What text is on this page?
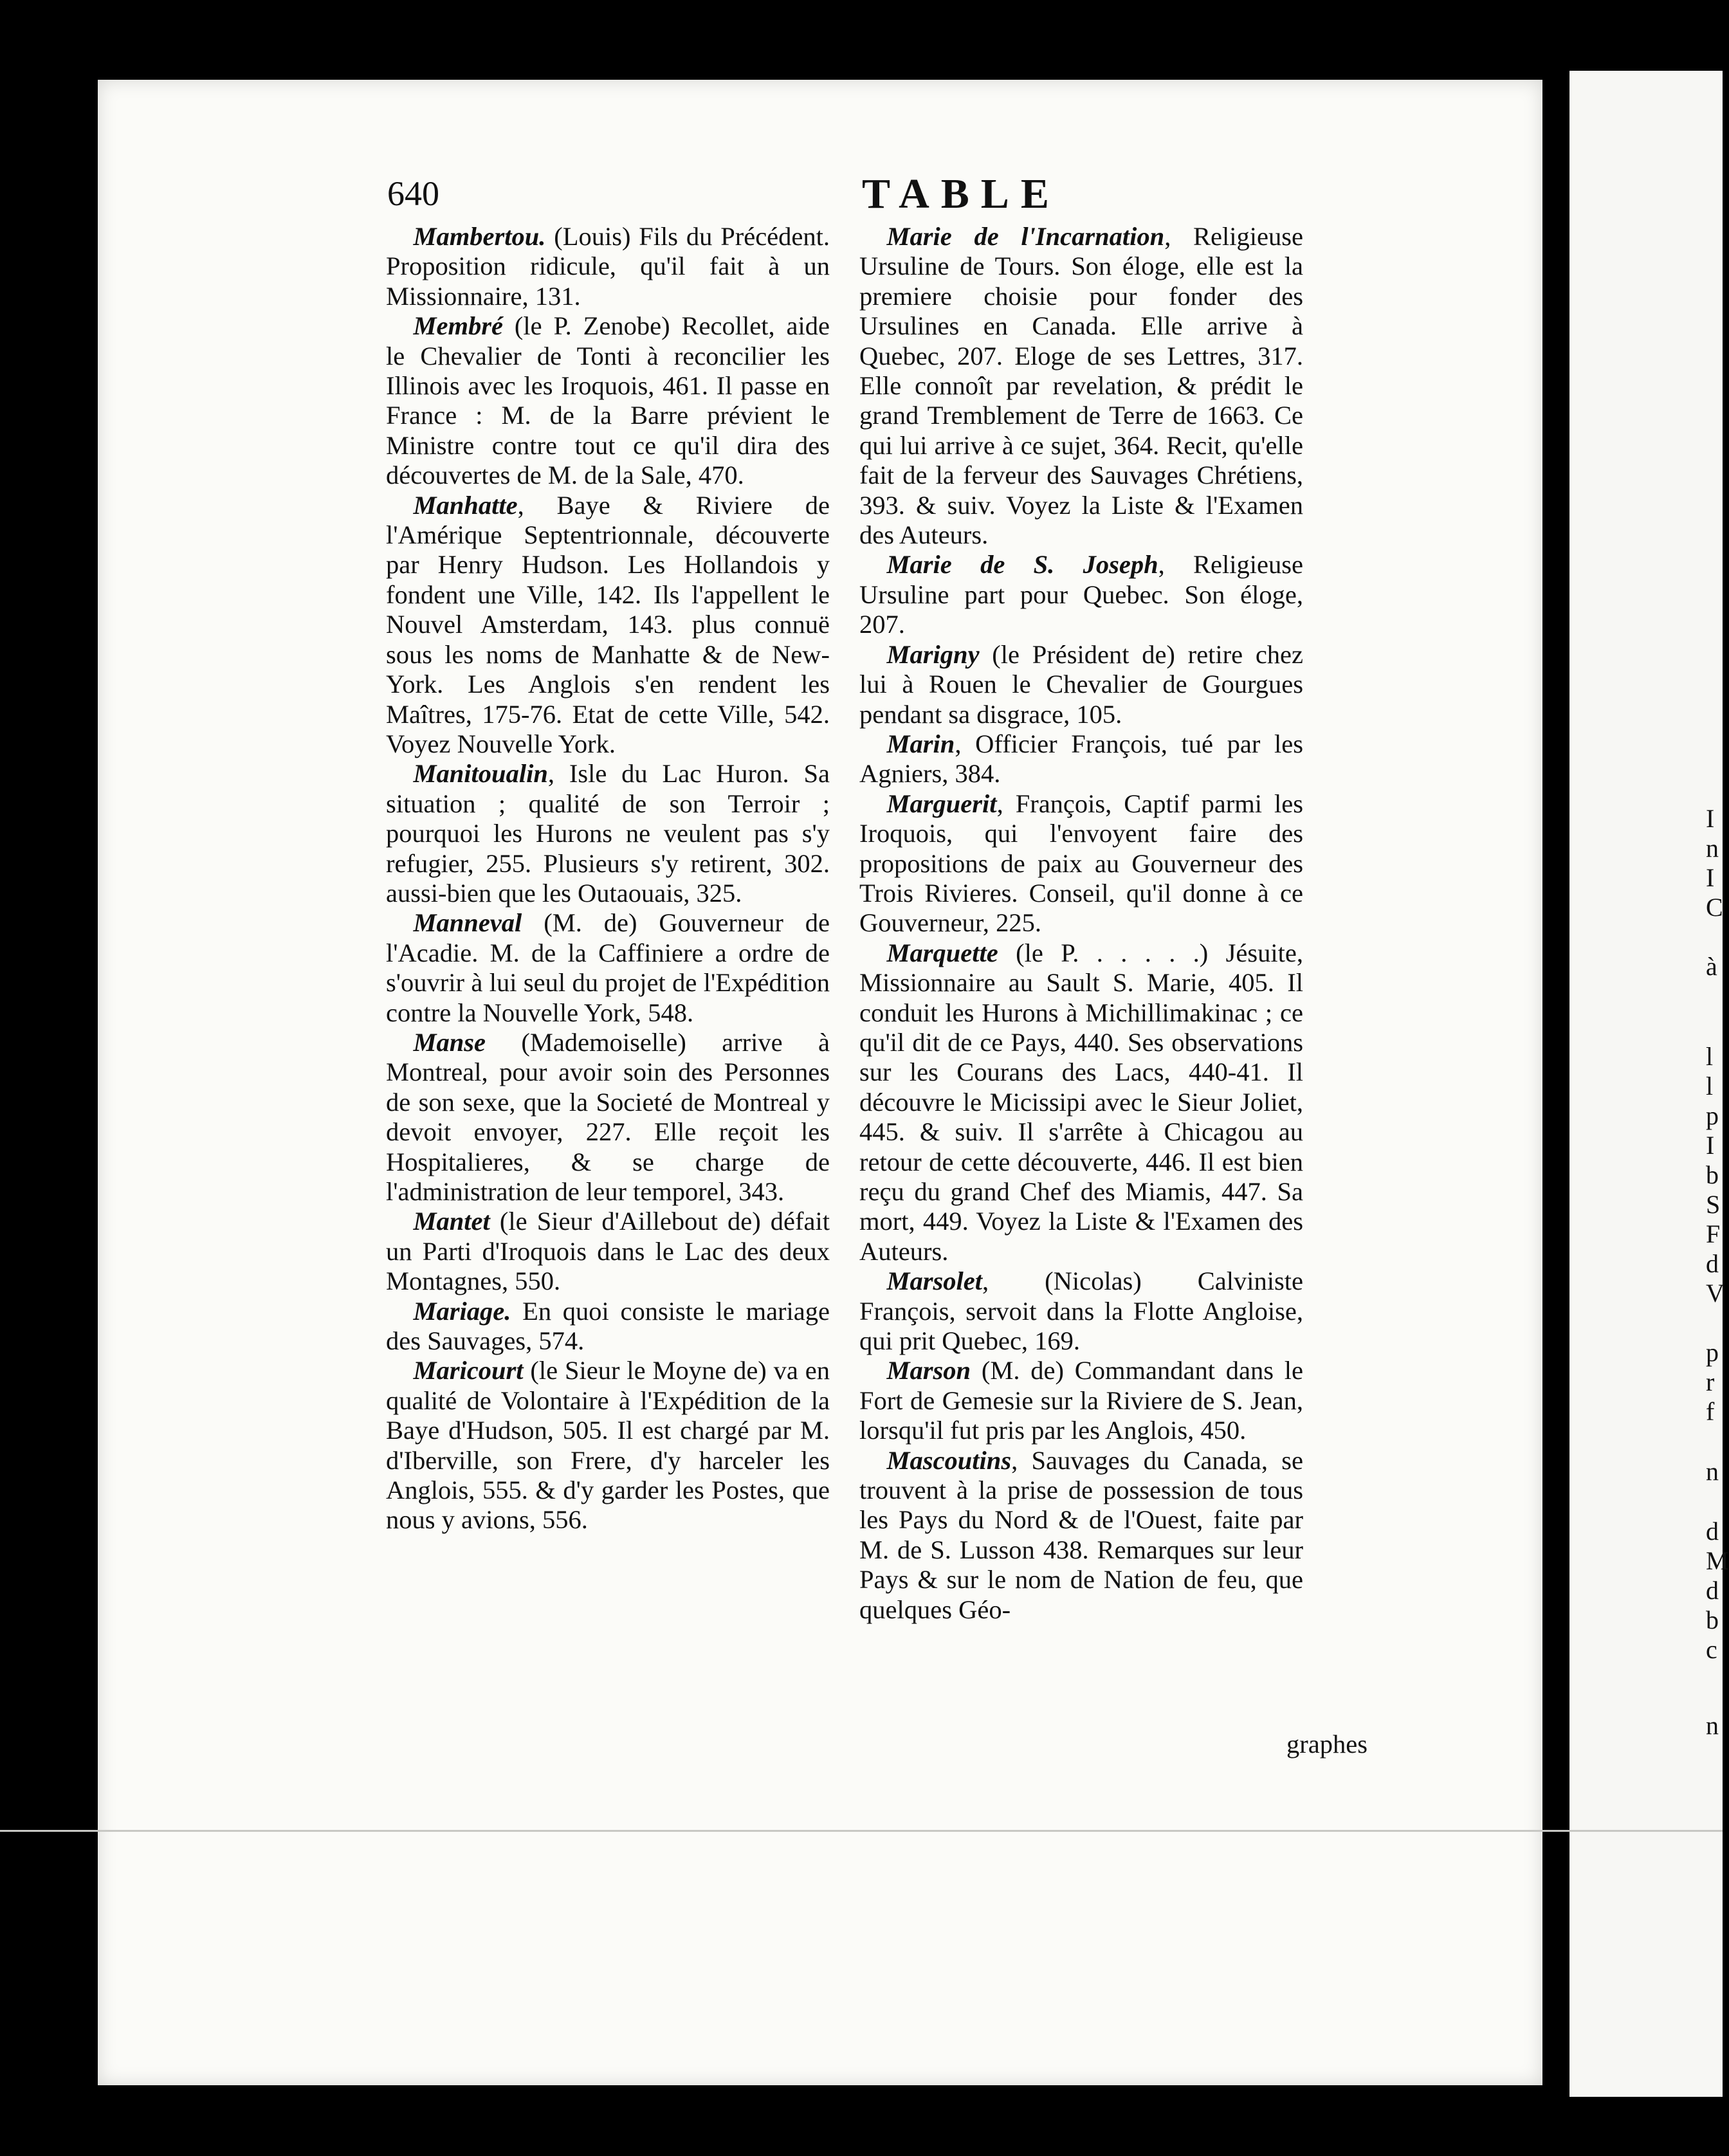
640	TABLE

Mambertou. (Louis) Fils du Précédent. Proposition ridicule, qu'il fait à un Missionnaire, 131.

Membré (le P. Zenobe) Recollet, aide le Chevalier de Tonti à reconcilier les Illinois avec les Iroquois, 461. Il passe en France : M. de la Barre prévient le Ministre contre tout ce qu'il dira des découvertes de M. de la Sale, 470.

Manhatte, Baye & Riviere de l'Amérique Septentrionnale, découverte par Henry Hudson. Les Hollandois y fondent une Ville, 142. Ils l'appellent le Nouvel Amsterdam, 143. plus connuë sous les noms de Manhatte & de New-York. Les Anglois s'en rendent les Maîtres, 175-76. Etat de cette Ville, 542. Voyez Nouvelle York.

Manitoualin, Isle du Lac Huron. Sa situation ; qualité de son Terroir ; pourquoi les Hurons ne veulent pas s'y refugier, 255. Plusieurs s'y retirent, 302. aussi-bien que les Outaouais, 325.

Manneval (M. de) Gouverneur de l'Acadie. M. de la Caffiniere a ordre de s'ouvrir à lui seul du projet de l'Expédition contre la Nouvelle York, 548.

Manse (Mademoiselle) arrive à Montreal, pour avoir soin des Personnes de son sexe, que la Societé de Montreal y devoit envoyer, 227. Elle reçoit les Hospitalieres, & se charge de l'administration de leur temporel, 343.

Mantet (le Sieur d'Aillebout de) défait un Parti d'Iroquois dans le Lac des deux Montagnes, 550.

Mariage. En quoi consiste le mariage des Sauvages, 574.

Maricourt (le Sieur le Moyne de) va en qualité de Volontaire à l'Expédition de la Baye d'Hudson, 505. Il est chargé par M. d'Iberville, son Frere, d'y harceler les Anglois, 555. & d'y garder les Postes, que nous y avions, 556.

Marie de l'Incarnation, Religieuse Ursuline de Tours. Son éloge, elle est la premiere choisie pour fonder des Ursulines en Canada. Elle arrive à Quebec, 207. Eloge de ses Lettres, 317. Elle connoît par revelation, & prédit le grand Tremblement de Terre de 1663. Ce qui lui arrive à ce sujet, 364. Recit, qu'elle fait de la ferveur des Sauvages Chrétiens, 393. & suiv. Voyez la Liste & l'Examen des Auteurs.

Marie de S. Joseph, Religieuse Ursuline part pour Quebec. Son éloge, 207.

Marigny (le Président de) retire chez lui à Rouen le Chevalier de Gourgues pendant sa disgrace, 105.

Marin, Officier François, tué par les Agniers, 384.

Marguerit, François, Captif parmi les Iroquois, qui l'envoyent faire des propositions de paix au Gouverneur des Trois Rivieres. Conseil, qu'il donne à ce Gouverneur, 225.

Marquette (le P. . . . . .) Jésuite, Missionnaire au Sault S. Marie, 405. Il conduit les Hurons à Michillimakinac ; ce qu'il dit de ce Pays, 440. Ses observations sur les Courans des Lacs, 440-41. Il découvre le Micissipi avec le Sieur Joliet, 445. & suiv. Il s'arrête à Chicagou au retour de cette découverte, 446. Il est bien reçu du grand Chef des Miamis, 447. Sa mort, 449. Voyez la Liste & l'Examen des Auteurs.

Marsolet, (Nicolas) Calviniste François, servoit dans la Flotte Angloise, qui prit Quebec, 169.

Marson (M. de) Commandant dans le Fort de Gemesie sur la Riviere de S. Jean, lorsqu'il fut pris par les Anglois, 450.

Mascoutins, Sauvages du Canada, se trouvent à la prise de possession de tous les Pays du Nord & de l'Ouest, faite par M. de S. Lusson 438. Remarques sur leur Pays & sur le nom de Nation de feu, que quelques Géo-

graphes
I
n
I
C
à
l
l
p
I
b
S
F
d
V
p
r
f
n
d
M
d
b
c
n
